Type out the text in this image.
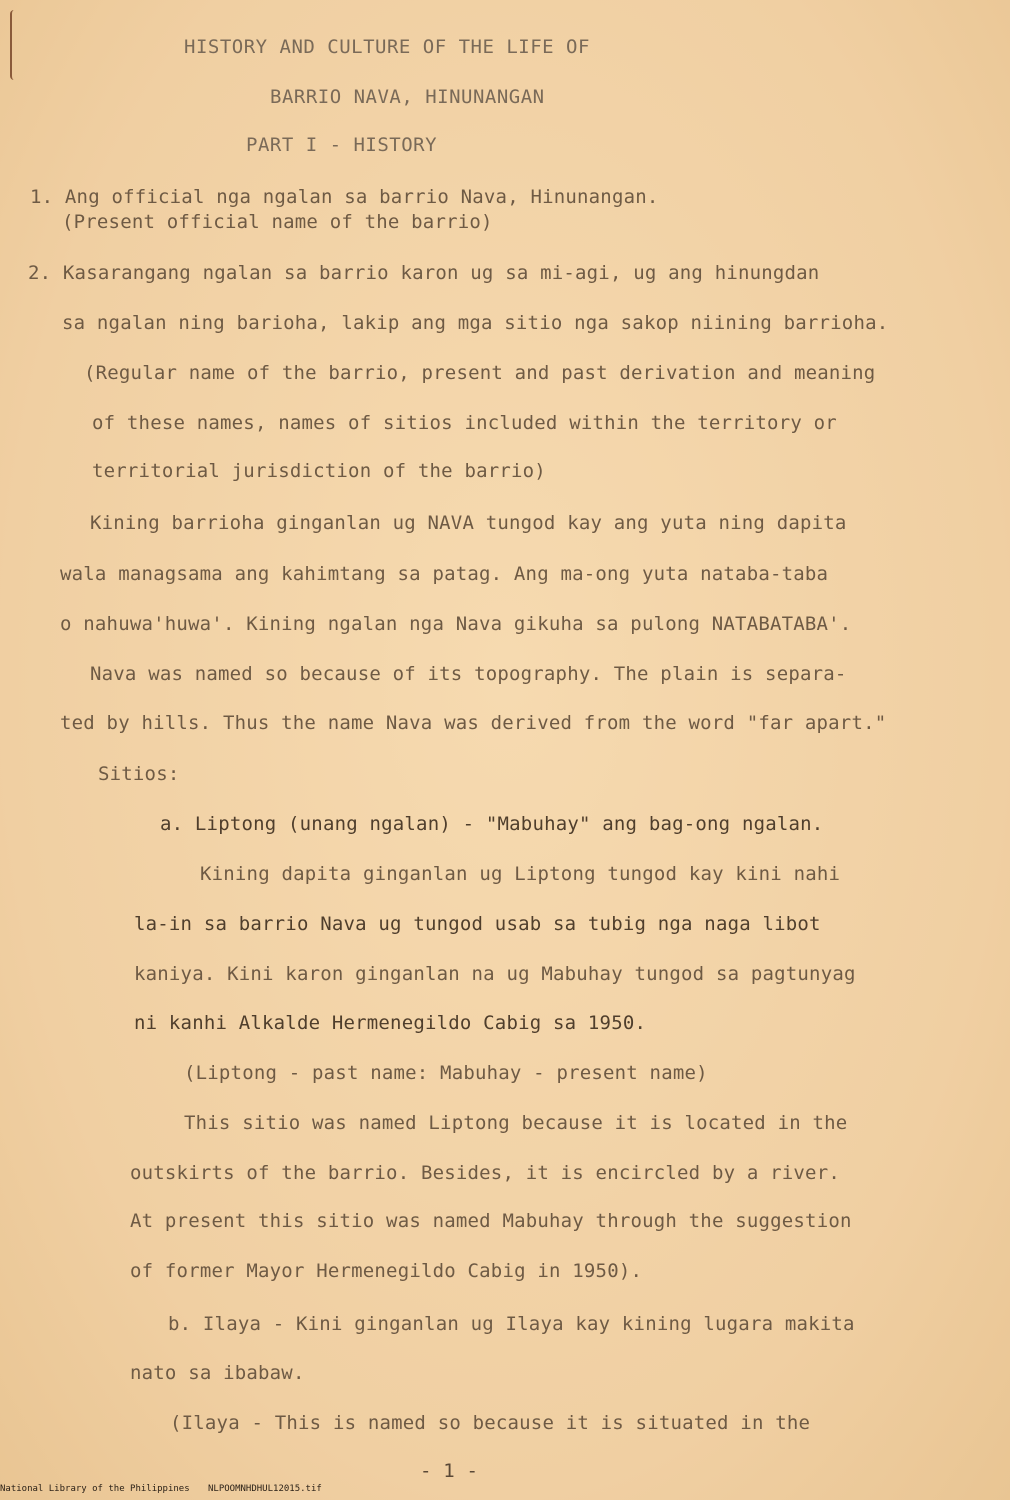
HISTORY AND CULTURE OF THE LIFE OF
BARRIO NAVA, HINUNANGAN
PART I - HISTORY
1. Ang official nga ngalan sa barrio Nava, Hinunangan.
(Present official name of the barrio)
2. Kasarangang ngalan sa barrio karon ug sa mi-agi, ug ang hinungdan
sa ngalan ning barioha, lakip ang mga sitio nga sakop niining barrioha.
(Regular name of the barrio, present and past derivation and meaning
of these names, names of sitios included within the territory or
territorial jurisdiction of the barrio)
Kining barrioha ginganlan ug NAVA tungod kay ang yuta ning dapita
wala managsama ang kahimtang sa patag. Ang ma-ong yuta nataba-taba
o nahuwa'huwa'. Kining ngalan nga Nava gikuha sa pulong NATABATABA'.
Nava was named so because of its topography. The plain is separa-
ted by hills. Thus the name Nava was derived from the word "far apart."
Sitios:
a. Liptong (unang ngalan) - "Mabuhay" ang bag-ong ngalan.
Kining dapita ginganlan ug Liptong tungod kay kini nahi
la-in sa barrio Nava ug tungod usab sa tubig nga naga libot
kaniya. Kini karon ginganlan na ug Mabuhay tungod sa pagtunyag
ni kanhi Alkalde Hermenegildo Cabig sa 1950.
(Liptong - past name: Mabuhay - present name)
This sitio was named Liptong because it is located in the
outskirts of the barrio. Besides, it is encircled by a river.
At present this sitio was named Mabuhay through the suggestion
of former Mayor Hermenegildo Cabig in 1950).
b. Ilaya - Kini ginganlan ug Ilaya kay kining lugara makita
nato sa ibabaw.
(Ilaya - This is named so because it is situated in the
- 1 -
National Library of the Philippines NLPOOMNHDHUL12015.tif
